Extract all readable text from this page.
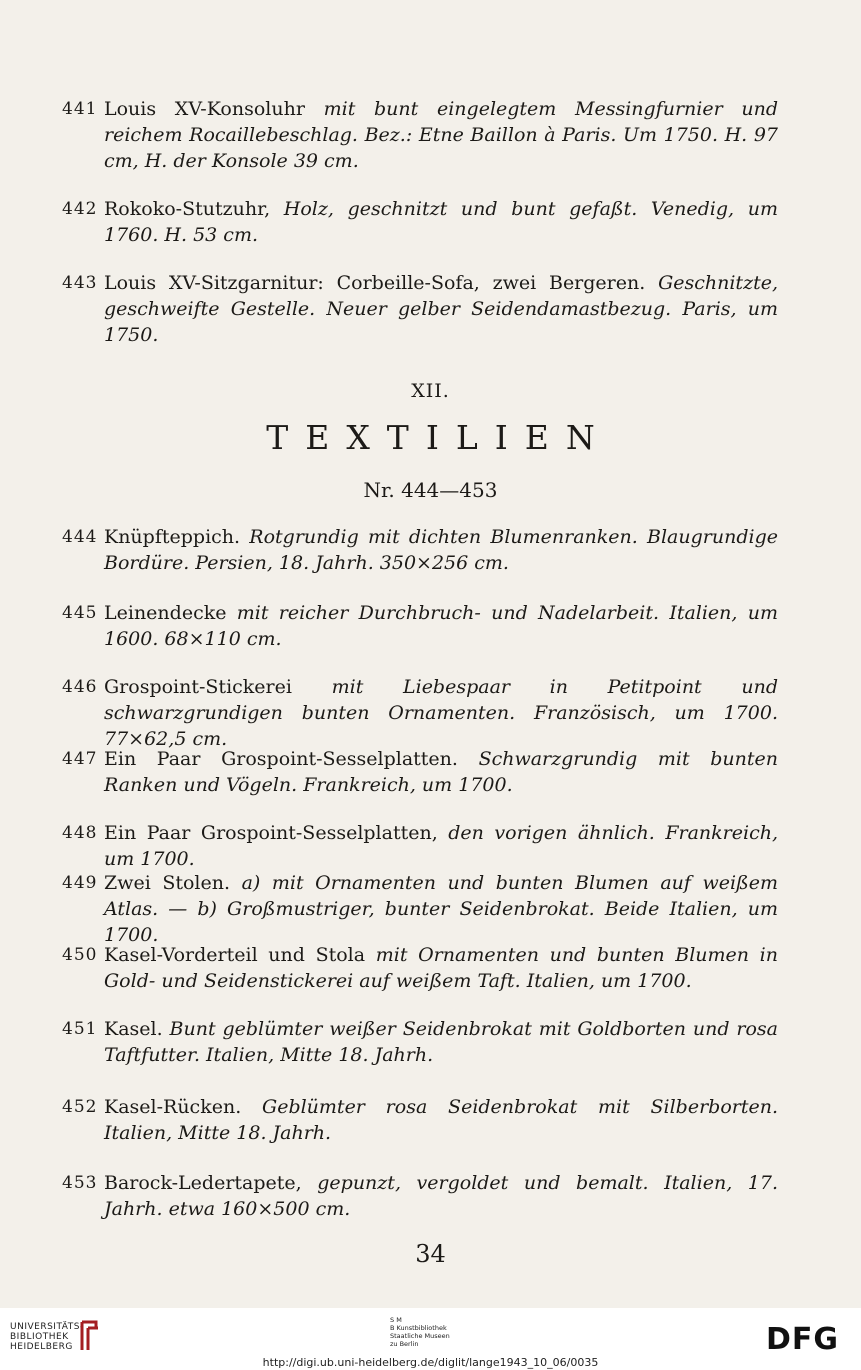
441 Louis XV-Konsoluhr mit bunt eingelegtem Messingfurnier und reichem Rocaillebeschlag. Bez.: Etne Baillon à Paris. Um 1750. H. 97 cm, H. der Konsole 39 cm.
442 Rokoko-Stutzuhr, Holz, geschnitzt und bunt gefaßt. Venedig, um 1760. H. 53 cm.
443 Louis XV-Sitzgarnitur: Corbeille-Sofa, zwei Bergeren. Geschnitzte, geschweifte Gestelle. Neuer gelber Seidendamastbezug. Paris, um 1750.
XII.
TEXTILIEN
Nr. 444—453
444 Knüpfteppich. Rotgrundig mit dichten Blumenranken. Blaugrundige Bordüre. Persien, 18. Jahrh. 350×256 cm.
445 Leinendecke mit reicher Durchbruch- und Nadelarbeit. Italien, um 1600. 68×110 cm.
446 Grospoint-Stickerei mit Liebespaar in Petitpoint und schwarzgrundigen bunten Ornamenten. Französisch, um 1700. 77×62,5 cm.
447 Ein Paar Grospoint-Sesselplatten. Schwarzgrundig mit bunten Ranken und Vögeln. Frankreich, um 1700.
448 Ein Paar Grospoint-Sesselplatten, den vorigen ähnlich. Frankreich, um 1700.
449 Zwei Stolen. a) mit Ornamenten und bunten Blumen auf weißem Atlas. — b) Großmustriger, bunter Seidenbrokat. Beide Italien, um 1700.
450 Kasel-Vorderteil und Stola mit Ornamenten und bunten Blumen in Gold- und Seidenstickerei auf weißem Taft. Italien, um 1700.
451 Kasel. Bunt geblümter weißer Seidenbrokat mit Goldborten und rosa Taftfutter. Italien, Mitte 18. Jahrh.
452 Kasel-Rücken. Geblümter rosa Seidenbrokat mit Silberborten. Italien, Mitte 18. Jahrh.
453 Barock-Ledertapete, gepunzt, vergoldet und bemalt. Italien, 17. Jahrh. etwa 160×500 cm.
34
UNIVERSITÄTS-
BIBLIOTHEK
HEIDELBERG
S M
B Kunstbibliothek
Staatliche Museen
zu Berlin	DFG
http://digi.ub.uni-heidelberg.de/diglit/lange1943_10_06/0035
